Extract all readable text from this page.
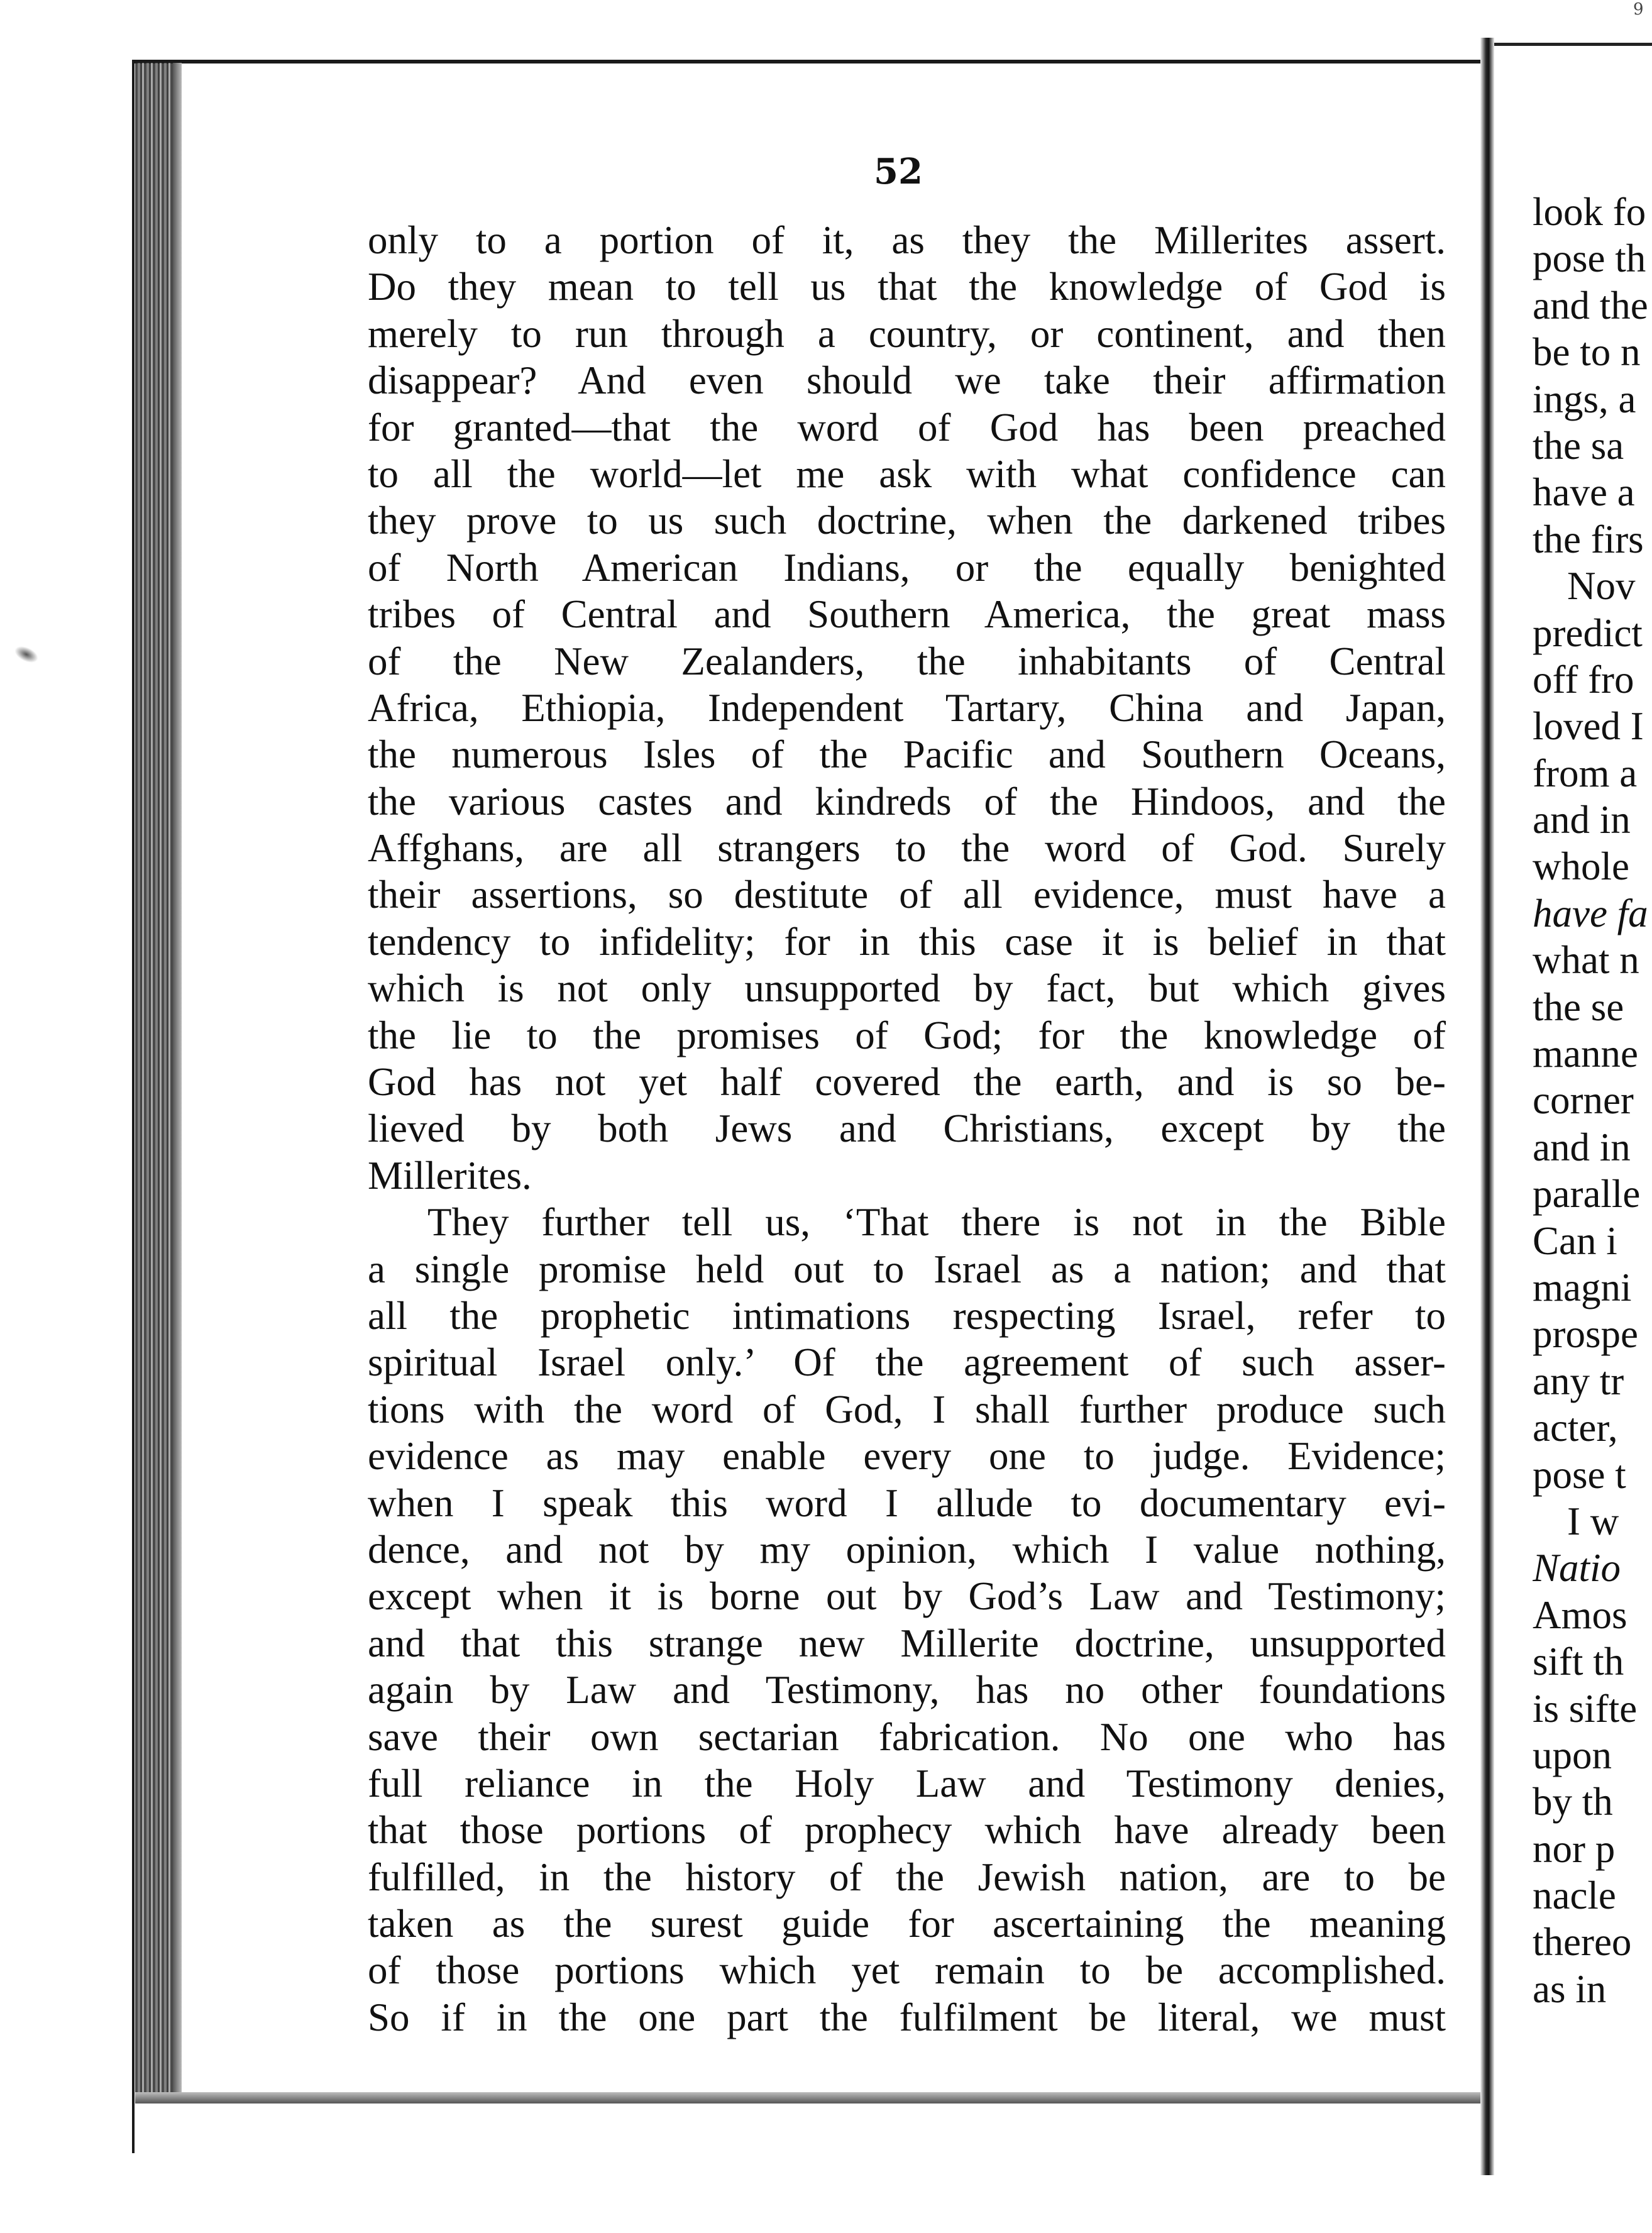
9
52
only to a portion of it, as they the Millerites assert.
Do they mean to tell us that the knowledge of God is
merely to run through a country, or continent, and then
disappear? And even should we take their affirmation
for granted—that the word of God has been preached
to all the world—let me ask with what confidence can
they prove to us such doctrine, when the darkened tribes
of North American Indians, or the equally benighted
tribes of Central and Southern America, the great mass
of the New Zealanders, the inhabitants of Central
Africa, Ethiopia, Independent Tartary, China and Japan,
the numerous Isles of the Pacific and Southern Oceans,
the various castes and kindreds of the Hindoos, and the
Affghans, are all strangers to the word of God. Surely
their assertions, so destitute of all evidence, must have a
tendency to infidelity; for in this case it is belief in that
which is not only unsupported by fact, but which gives
the lie to the promises of God; for the knowledge of
God has not yet half covered the earth, and is so be-
lieved by both Jews and Christians, except by the
Millerites.
They further tell us, ‘That there is not in the Bible
a single promise held out to Israel as a nation; and that
all the prophetic intimations respecting Israel, refer to
spiritual Israel only.’ Of the agreement of such asser-
tions with the word of God, I shall further produce such
evidence as may enable every one to judge. Evidence;
when I speak this word I allude to documentary evi-
dence, and not by my opinion, which I value nothing,
except when it is borne out by God’s Law and Testimony;
and that this strange new Millerite doctrine, unsupported
again by Law and Testimony, has no other foundations
save their own sectarian fabrication. No one who has
full reliance in the Holy Law and Testimony denies,
that those portions of prophecy which have already been
fulfilled, in the history of the Jewish nation, are to be
taken as the surest guide for ascertaining the meaning
of those portions which yet remain to be accomplished.
So if in the one part the fulfilment be literal, we must
look fo
pose th
and the
be to n
ings, a
the sa
have a
the firs
Nov
predict
off fro
loved I
from a
and in
whole
have fa
what n
the se
manne
corner
and in
paralle
Can i
magni
prospe
any tr
acter,
pose t
I w
Natio
Amos
sift th
is sifte
upon
by th
nor p
nacle
thereo
as in
